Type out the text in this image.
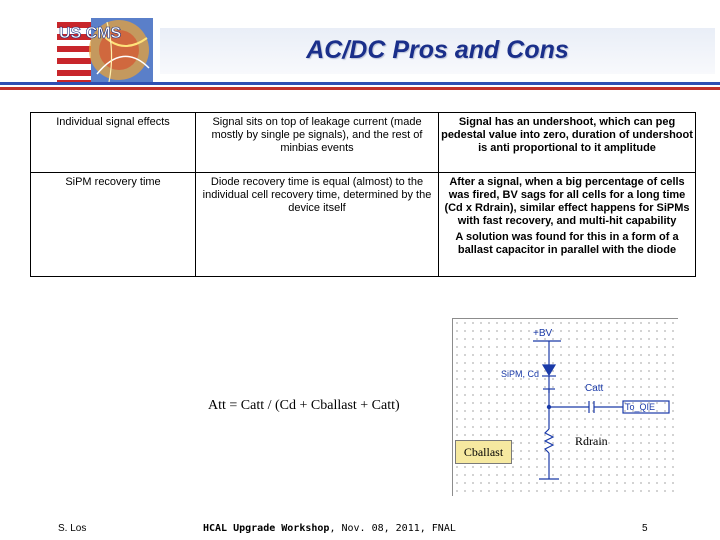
US CMS
AC/DC Pros and Cons
Individual signal effects	Signal sits on top of leakage current (made mostly by single pe signals), and the rest of minbias events	Signal has an undershoot, which can peg pedestal value into zero, duration of undershoot is anti proportional to it amplitude
SiPM recovery time	Diode recovery time is equal (almost) to the individual cell recovery time, determined by the device itself	After a signal, when a big percentage of cells was fired, BV sags for all cells for a long time (Cd x Rdrain), similar effect happens for SiPMs with fast recovery, and multi-hit capability
A solution was found for this in a form of a ballast capacitor in parallel with the diode
+BV
SiPM, Cd
Catt
To_QIE
Att = Catt / (Cd + Cballast + Catt)
Cballast
Rdrain
S. Los	HCAL Upgrade Workshop, Nov. 08, 2011, FNAL	5
